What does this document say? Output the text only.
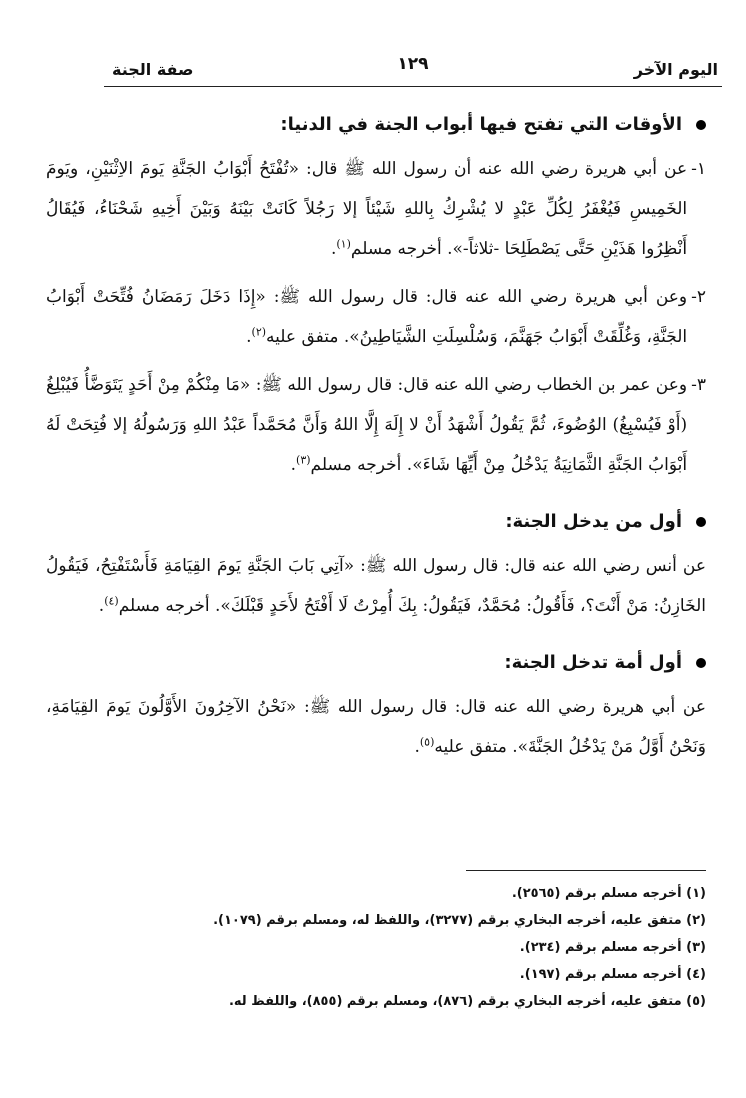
اليوم الآخر
١٢٩
صفة الجنة
الأوقات التي تفتح فيها أبواب الجنة في الدنيا:
١-
عن أبي هريرة رضي الله عنه أن رسول الله ﷺ قال: «تُفْتَحُ أَبْوَابُ الجَنَّةِ يَومَ الاِثْنَيْنِ، ويَومَ الخَمِيسِ فَيُغْفَرُ لِكُلِّ عَبْدٍ لا يُشْرِكُ بِاللهِ شَيْئاً إلا رَجُلاً كَانَتْ بَيْنَهُ وَبَيْنَ أَخِيهِ شَحْنَاءُ، فَيُقَالُ أَنْظِرُوا هَذَيْنِ حَتَّى يَصْطَلِحَا -ثلاثاً-». أخرجه مسلم$^{(١)}$.
٢-
وعن أبي هريرة رضي الله عنه قال: قال رسول الله ﷺ: «إِذَا دَخَلَ رَمَضَانُ فُتِّحَتْ أَبْوَابُ الجَنَّةِ، وَغُلِّقَتْ أَبْوَابُ جَهَنَّمَ، وَسُلْسِلَتِ الشَّيَاطِينُ». متفق عليه$^{(٢)}$.
٣-
وعن عمر بن الخطاب رضي الله عنه قال: قال رسول الله ﷺ: «مَا مِنْكُمْ مِنْ أَحَدٍ يَتَوَضَّأُ فَيُبْلِغُ (أَوْ فَيُسْبِغُ) الوُضُوءَ، ثُمَّ يَقُولُ أَشْهَدُ أَنْ لا إِلَهَ إِلَّا اللهُ وَأَنَّ مُحَمَّداً عَبْدُ اللهِ وَرَسُولُهُ إلا فُتِحَتْ لَهُ أَبْوَابُ الجَنَّةِ الثَّمَانِيَةُ يَدْخُلُ مِنْ أَيِّهَا شَاءَ». أخرجه مسلم$^{(٣)}$.
أول من يدخل الجنة:
عن أنس رضي الله عنه قال: قال رسول الله ﷺ: «آتِي بَابَ الجَنَّةِ يَومَ القِيَامَةِ فَأَسْتَفْتِحُ، فَيَقُولُ الخَازِنُ: مَنْ أَنْتَ؟، فَأَقُولُ: مُحَمَّدٌ، فَيَقُولُ: بِكَ أُمِرْتُ لَا أَفْتَحُ لأَحَدٍ قَبْلَكَ». أخرجه مسلم$^{(٤)}$.
أول أمة تدخل الجنة:
عن أبي هريرة رضي الله عنه قال: قال رسول الله ﷺ: «نَحْنُ الآخِرُونَ الأَوَّلُونَ يَومَ القِيَامَةِ، وَنَحْنُ أَوَّلُ مَنْ يَدْخُلُ الجَنَّةَ». متفق عليه$^{(٥)}$.
(١) أخرجه مسلم برقم (٢٥٦٥).
(٢) متفق عليه، أخرجه البخاري برقم (٣٢٧٧)، واللفظ له، ومسلم برقم (١٠٧٩).
(٣) أخرجه مسلم برقم (٢٣٤).
(٤) أخرجه مسلم برقم (١٩٧).
(٥) متفق عليه، أخرجه البخاري برقم (٨٧٦)، ومسلم برقم (٨٥٥)، واللفظ له.
